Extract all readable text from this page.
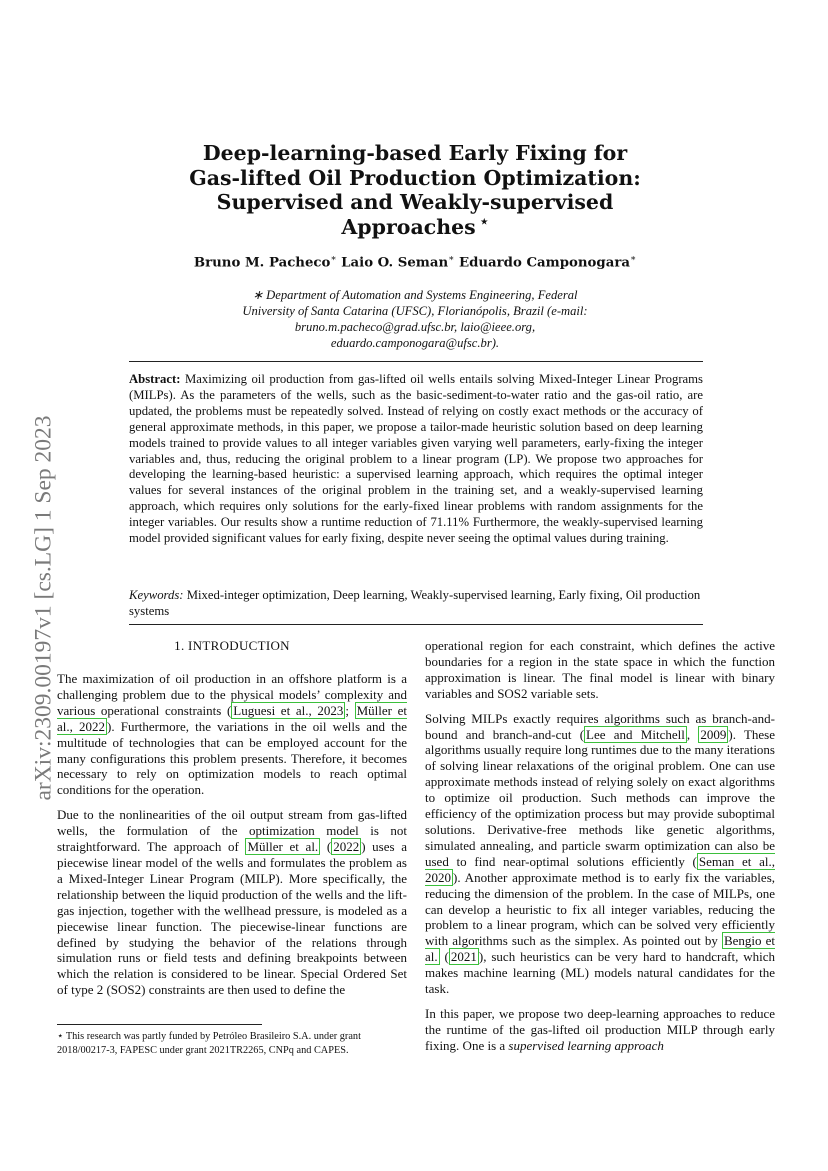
arXiv:2309.00197v1 [cs.LG] 1 Sep 2023
Deep-learning-based Early Fixing for
Gas-lifted Oil Production Optimization:
Supervised and Weakly-supervised
Approaches  ⋆
Bruno M. Pacheco∗ Laio O. Seman∗ Eduardo Camponogara∗
∗ Department of Automation and Systems Engineering, Federal
University of Santa Catarina (UFSC), Florianópolis, Brazil (e-mail:
bruno.m.pacheco@grad.ufsc.br, laio@ieee.org,
eduardo.camponogara@ufsc.br).
Abstract: Maximizing oil production from gas-lifted oil wells entails solving Mixed-Integer Linear Programs (MILPs). As the parameters of the wells, such as the basic-sediment-to-water ratio and the gas-oil ratio, are updated, the problems must be repeatedly solved. Instead of relying on costly exact methods or the accuracy of general approximate methods, in this paper, we propose a tailor-made heuristic solution based on deep learning models trained to provide values to all integer variables given varying well parameters, early-fixing the integer variables and, thus, reducing the original problem to a linear program (LP). We propose two approaches for developing the learning-based heuristic: a supervised learning approach, which requires the optimal integer values for several instances of the original problem in the training set, and a weakly-supervised learning approach, which requires only solutions for the early-fixed linear problems with random assignments for the integer variables. Our results show a runtime reduction of 71.11% Furthermore, the weakly-supervised learning model provided significant values for early fixing, despite never seeing the optimal values during training.
Keywords: Mixed-integer optimization, Deep learning, Weakly-supervised learning, Early fixing, Oil production systems
1. INTRODUCTION

The maximization of oil production in an offshore platform is a challenging problem due to the physical models’ complexity and various operational constraints ( Luguesi et al., 2023 ; Müller et al., 2022 ). Furthermore, the variations in the oil wells and the multitude of technologies that can be employed account for the many configurations this problem presents. Therefore, it becomes necessary to rely on optimization models to reach optimal conditions for the operation.

Due to the nonlinearities of the oil output stream from gas-lifted wells, the formulation of the optimization model is not straightforward. The approach of Müller et al. ( 2022 ) uses a piecewise linear model of the wells and formulates the problem as a Mixed-Integer Linear Program (MILP). More specifically, the relationship between the liquid production of the wells and the lift-gas injection, together with the wellhead pressure, is modeled as a piecewise linear function. The piecewise-linear functions are defined by studying the behavior of the relations through simulation runs or field tests and defining breakpoints between which the relation is considered to be linear. Special Ordered Set of type 2 (SOS2) constraints are then used to define the

operational region for each constraint, which defines the active boundaries for a region in the state space in which the function approximation is linear. The final model is linear with binary variables and SOS2 variable sets.

Solving MILPs exactly requires algorithms such as branch-and-bound and branch-and-cut ( Lee and Mitchell , 2009 ). These algorithms usually require long runtimes due to the many iterations of solving linear relaxations of the original problem. One can use approximate methods instead of relying solely on exact algorithms to optimize oil production. Such methods can improve the efficiency of the optimization process but may provide suboptimal solutions. Derivative-free methods like genetic algorithms, simulated annealing, and particle swarm optimization can also be used to find near-optimal solutions efficiently ( Seman et al., 2020 ). Another approximate method is to early fix the variables, reducing the dimension of the problem. In the case of MILPs, one can develop a heuristic to fix all integer variables, reducing the problem to a linear program, which can be solved very efficiently with algorithms such as the simplex. As pointed out by Bengio et al. ( 2021 ), such heuristics can be very hard to handcraft, which makes machine learning (ML) models natural candidates for the task.

In this paper, we propose two deep-learning approaches to reduce the runtime of the gas-lifted oil production MILP through early fixing. One is a supervised learning approach

⋆ This research was partly funded by Petróleo Brasileiro S.A. under grant 2018/00217-3, FAPESC under grant 2021TR2265, CNPq and CAPES.
